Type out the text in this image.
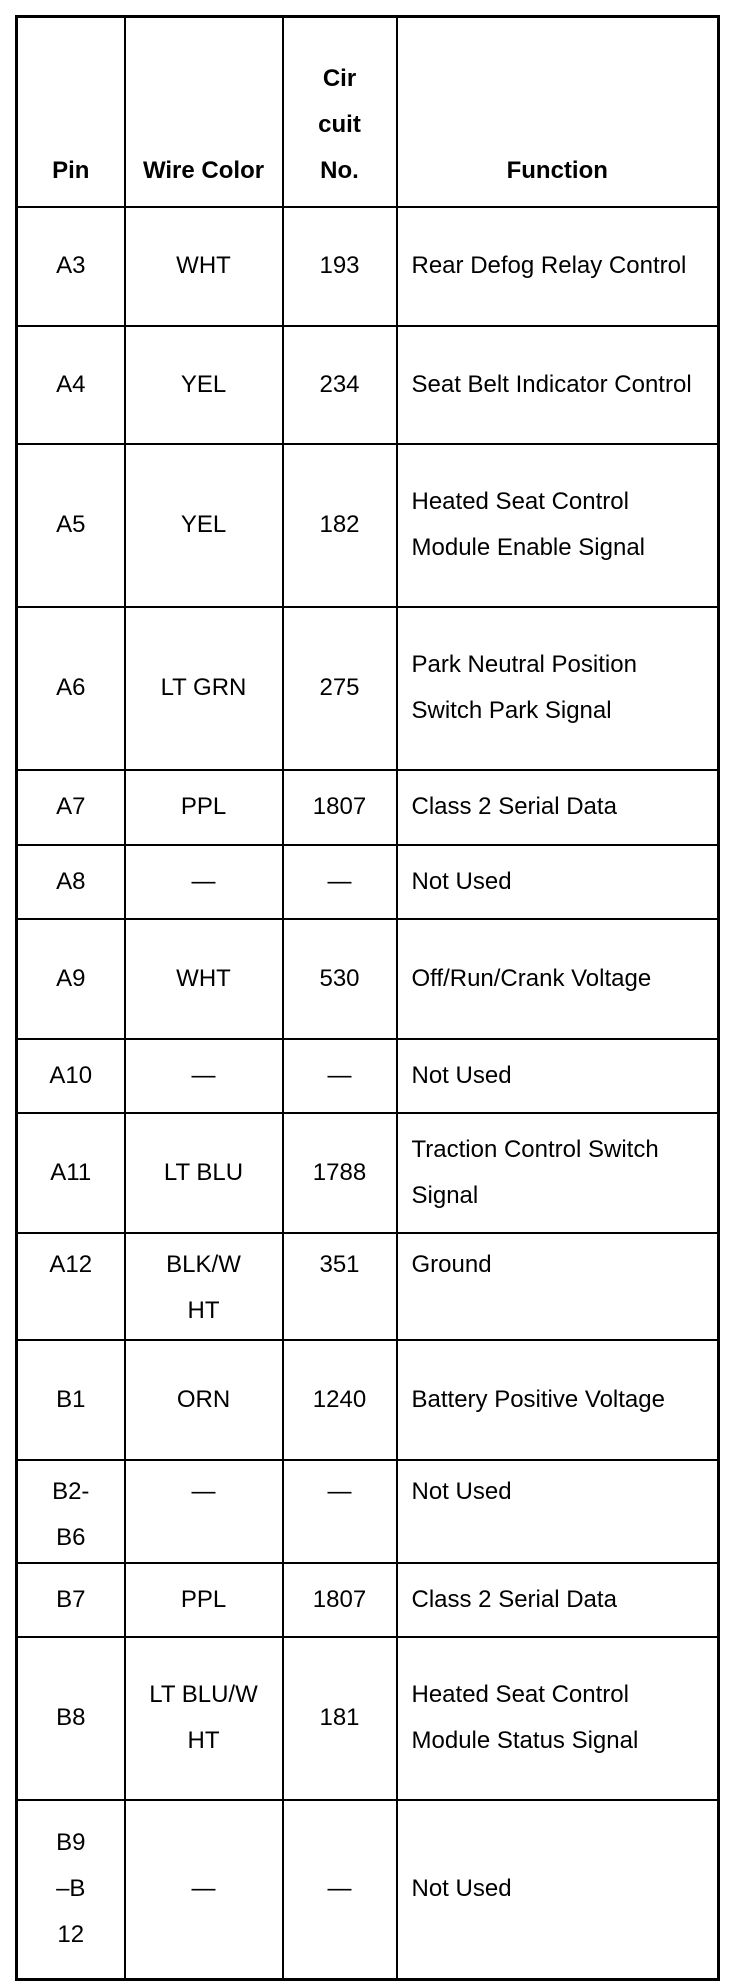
Pin	Wire Color	Cir cuit No.	Function
A3	WHT	193	Rear Defog Relay Control
A4	YEL	234	Seat Belt Indicator Control
A5	YEL	182	Heated Seat Control Module Enable Signal
A6	LT GRN	275	Park Neutral Position Switch Park Signal
A7	PPL	1807	Class 2 Serial Data
A8	—	—	Not Used
A9	WHT	530	Off/Run/Crank Voltage
A10	—	—	Not Used
A11	LT BLU	1788	Traction Control Switch Signal
A12	BLK/W HT	351	Ground
B1	ORN	1240	Battery Positive Voltage
B2- B6	—	—	Not Used
B7	PPL	1807	Class 2 Serial Data
B8	LT BLU/W HT	181	Heated Seat Control Module Status Signal
B9 –B 12	—	—	Not Used
